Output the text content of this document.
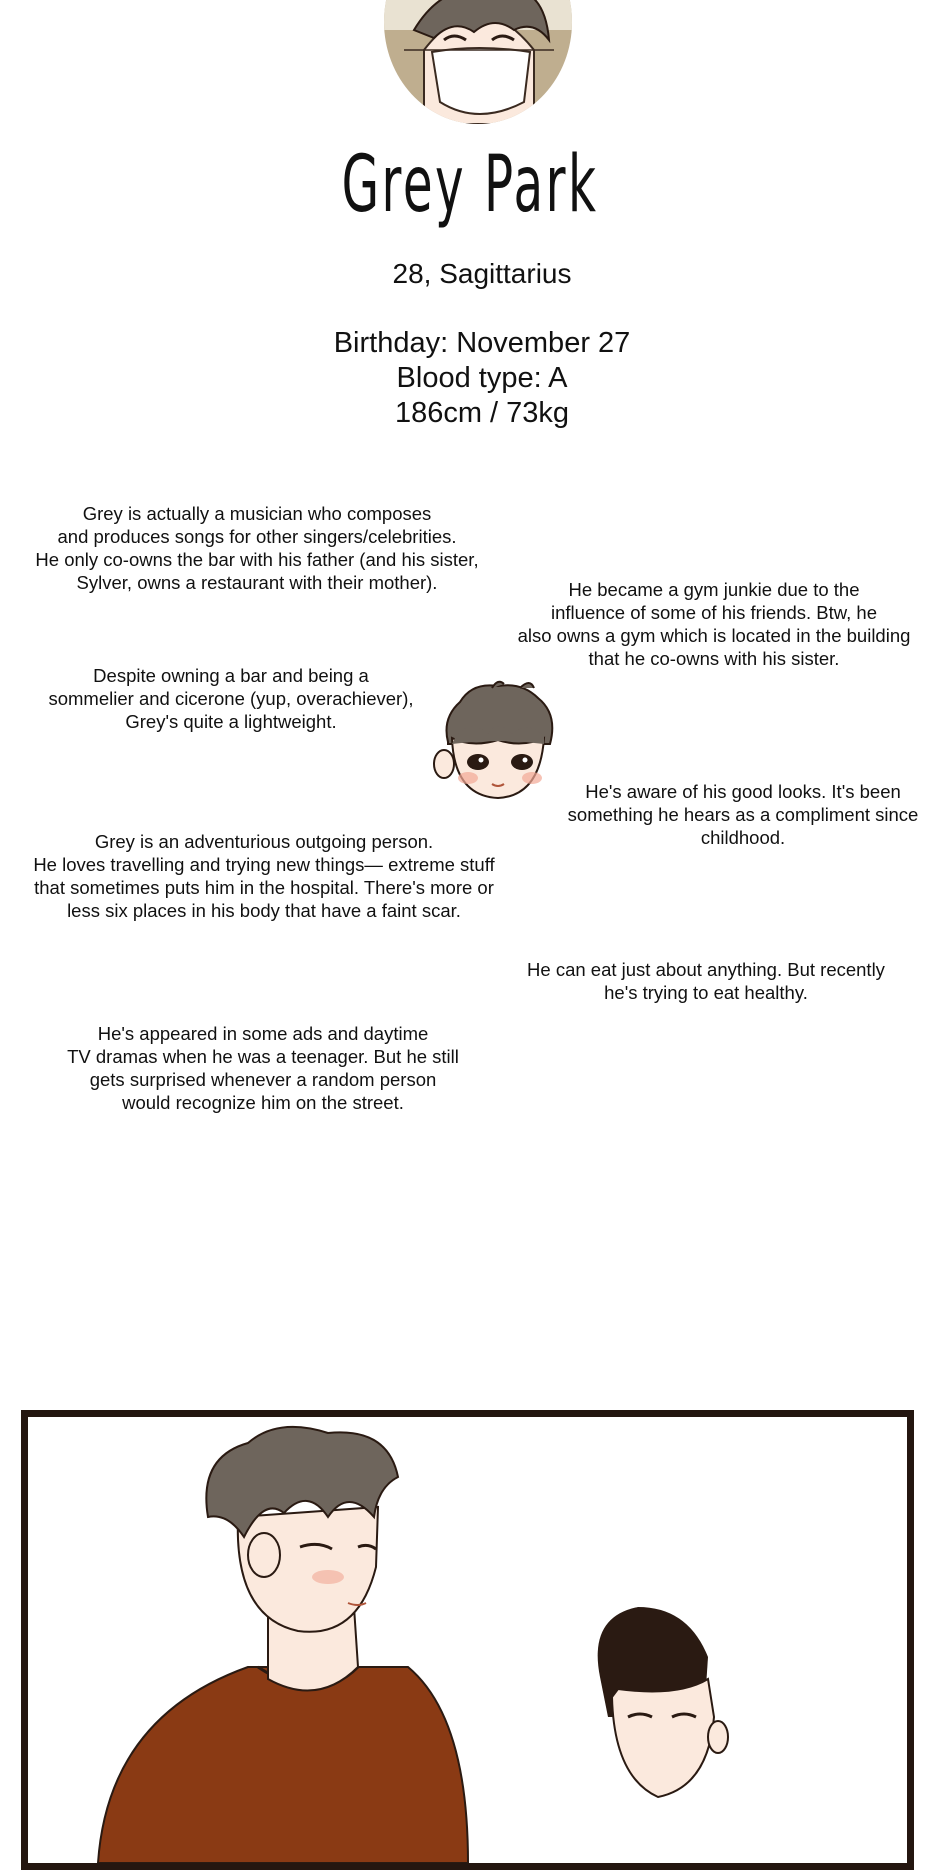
Grey Park
28, Sagittarius
Birthday: November 27
Blood type: A
186cm / 73kg
Grey is actually a musician who composes
and produces songs for other singers/celebrities.
He only co-owns the bar with his father (and his sister,
Sylver, owns a restaurant with their mother).	He became a gym junkie due to the
influence of some of his friends. Btw, he
also owns a gym which is located in the building
that he co-owns with his sister.
Despite owning a bar and being a
sommelier and cicerone (yup, overachiever),
Grey's quite a lightweight.
He's aware of his good looks. It's been
something he hears as a compliment since
childhood.
Grey is an adventurious outgoing person.
He loves travelling and trying new things— extreme stuff
that sometimes puts him in the hospital. There's more or
less six places in his body that have a faint scar.
He can eat just about anything. But recently
he's trying to eat healthy.
He's appeared in some ads and daytime
TV dramas when he was a teenager. But he still
gets surprised whenever a random person
would recognize him on the street.
